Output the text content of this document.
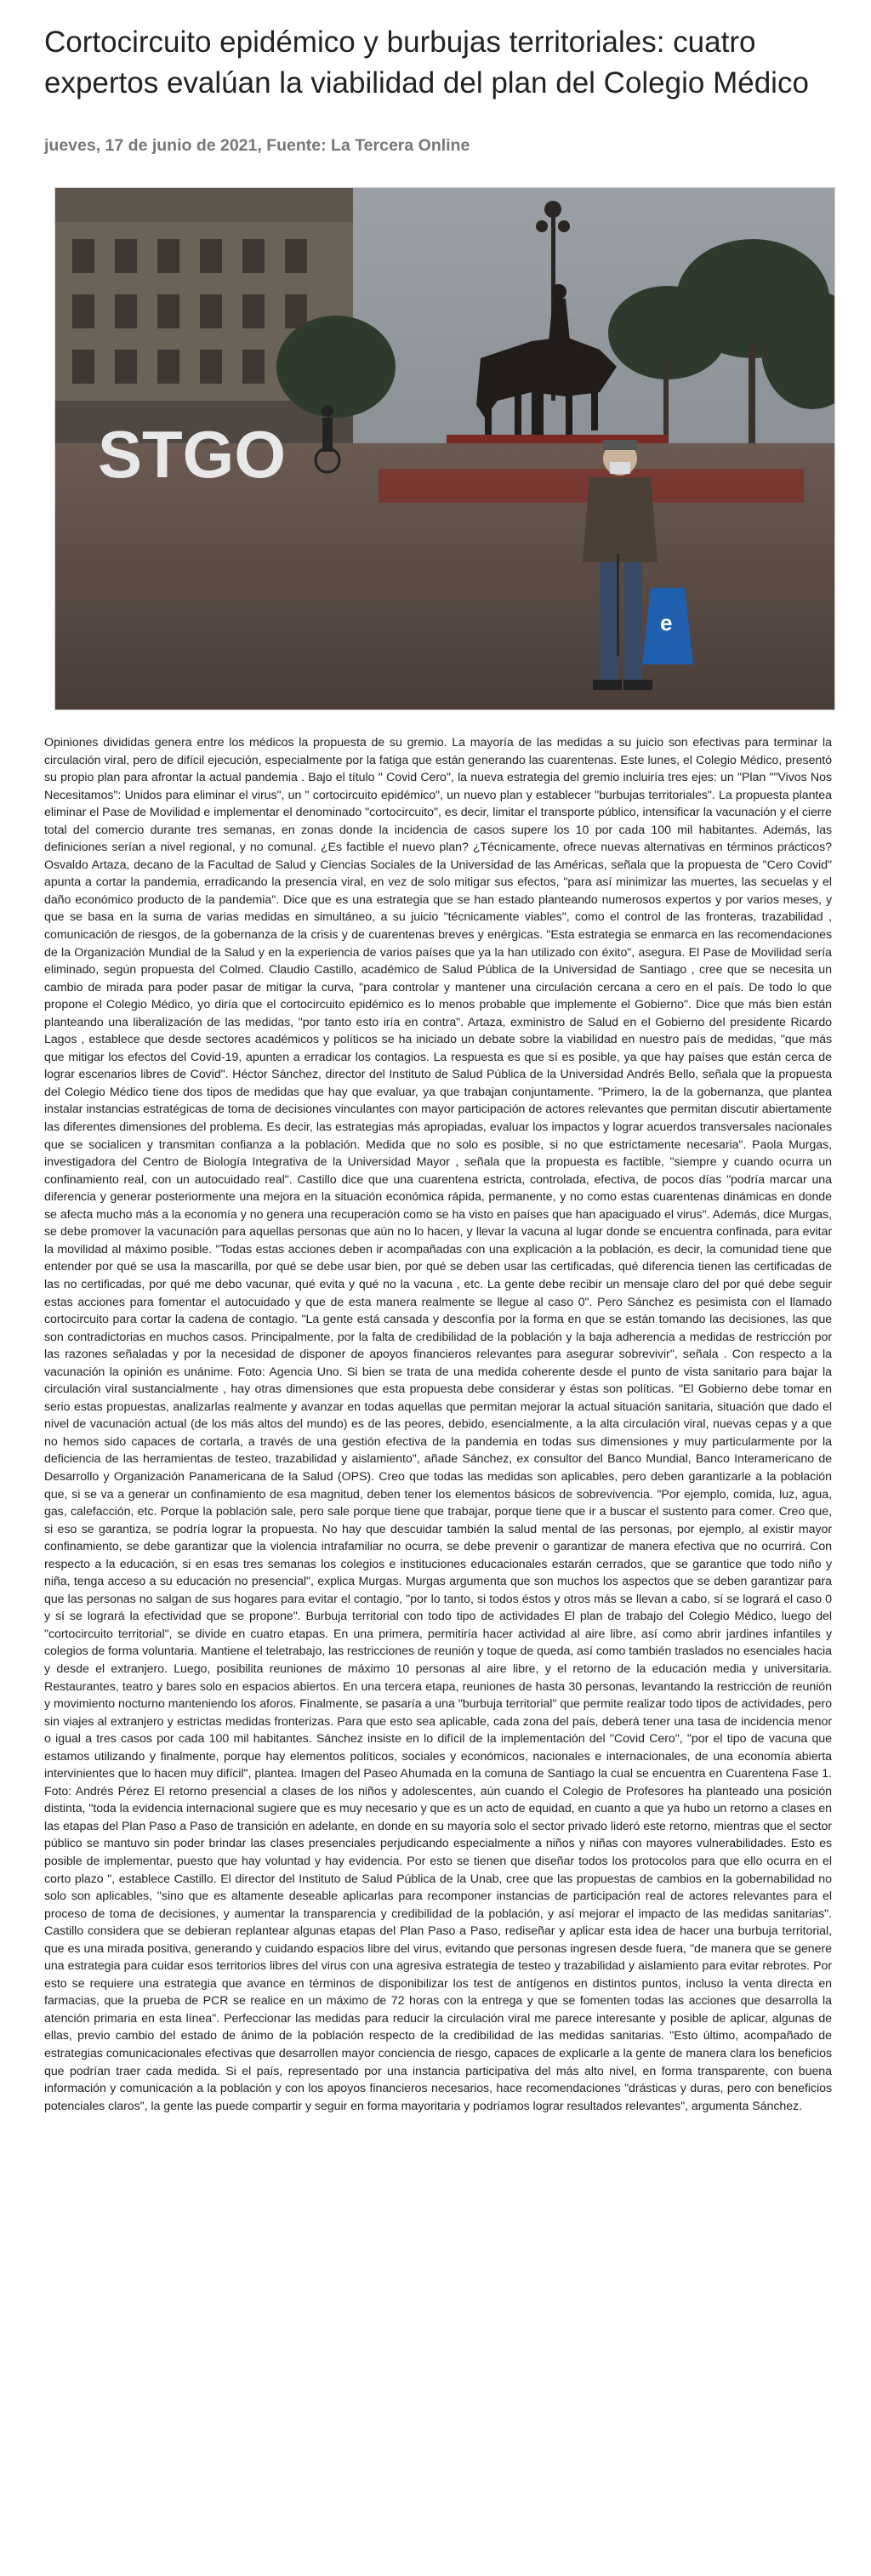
Cortocircuito epidémico y burbujas territoriales: cuatro expertos evalúan la viabilidad del plan del Colegio Médico
jueves, 17 de junio de 2021, Fuente: La Tercera Online
STGO
e

Opiniones divididas genera entre los médicos la propuesta de su gremio. La mayoría de las medidas a su juicio son efectivas para terminar la circulación viral, pero de difícil ejecución, especialmente por la fatiga que están generando las cuarentenas. Este lunes, el Colegio Médico, presentó su propio plan para afrontar la actual pandemia . Bajo el título " Covid Cero", la nueva estrategia del gremio incluiría tres ejes: un "Plan ""Vivos Nos Necesitamos": Unidos para eliminar el virus", un " cortocircuito epidémico", un nuevo plan y establecer "burbujas territoriales". La propuesta plantea eliminar el Pase de Movilidad e implementar el denominado "cortocircuito", es decir, limitar el transporte público, intensificar la vacunación y el cierre total del comercio durante tres semanas, en zonas donde la incidencia de casos supere los 10 por cada 100 mil habitantes. Además, las definiciones serían a nivel regional, y no comunal. ¿Es factible el nuevo plan? ¿Técnicamente, ofrece nuevas alternativas en términos prácticos? Osvaldo Artaza, decano de la Facultad de Salud y Ciencias Sociales de la Universidad de las Américas, señala que la propuesta de "Cero Covid" apunta a cortar la pandemia, erradicando la presencia viral, en vez de solo mitigar sus efectos, "para así minimizar las muertes, las secuelas y el daño económico producto de la pandemia". Dice que es una estrategia que se han estado planteando numerosos expertos y por varios meses, y que se basa en la suma de varias medidas en simultáneo, a su juicio "técnicamente viables", como el control de las fronteras, trazabilidad , comunicación de riesgos, de la gobernanza de la crisis y de cuarentenas breves y enérgicas. "Esta estrategia se enmarca en las recomendaciones de la Organización Mundial de la Salud y en la experiencia de varios países que ya la han utilizado con éxito", asegura. El Pase de Movilidad sería eliminado, según propuesta del Colmed. Claudio Castillo, académico de Salud Pública de la Universidad de Santiago , cree que se necesita un cambio de mirada para poder pasar de mitigar la curva, "para controlar y mantener una circulación cercana a cero en el país. De todo lo que propone el Colegio Médico, yo diría que el cortocircuito epidémico es lo menos probable que implemente el Gobierno". Dice que más bien están planteando una liberalización de las medidas, "por tanto esto iría en contra". Artaza, exministro de Salud en el Gobierno del presidente Ricardo Lagos , establece que desde sectores académicos y políticos se ha iniciado un debate sobre la viabilidad en nuestro país de medidas, "que más que mitigar los efectos del Covid-19, apunten a erradicar los contagios. La respuesta es que sí es posible, ya que hay países que están cerca de lograr escenarios libres de Covid". Héctor Sánchez, director del Instituto de Salud Pública de la Universidad Andrés Bello, señala que la propuesta del Colegio Médico tiene dos tipos de medidas que hay que evaluar, ya que trabajan conjuntamente. "Primero, la de la gobernanza, que plantea instalar instancias estratégicas de toma de decisiones vinculantes con mayor participación de actores relevantes que permitan discutir abiertamente las diferentes dimensiones del problema. Es decir, las estrategias más apropiadas, evaluar los impactos y lograr acuerdos transversales nacionales que se socialicen y transmitan confianza a la población. Medida que no solo es posible, si no que estrictamente necesaria". Paola Murgas, investigadora del Centro de Biología Integrativa de la Universidad Mayor , señala que la propuesta es factible, "siempre y cuando ocurra un confinamiento real, con un autocuidado real". Castillo dice que una cuarentena estricta, controlada, efectiva, de pocos días "podría marcar una diferencia y generar posteriormente una mejora en la situación económica rápida, permanente, y no como estas cuarentenas dinámicas en donde se afecta mucho más a la economía y no genera una recuperación como se ha visto en países que han apaciguado el virus". Además, dice Murgas, se debe promover la vacunación para aquellas personas que aún no lo hacen, y llevar la vacuna al lugar donde se encuentra confinada, para evitar la movilidad al máximo posible. "Todas estas acciones deben ir acompañadas con una explicación a la población, es decir, la comunidad tiene que entender por qué se usa la mascarilla, por qué se debe usar bien, por qué se deben usar las certificadas, qué diferencia tienen las certificadas de las no certificadas, por qué me debo vacunar, qué evita y qué no la vacuna , etc. La gente debe recibir un mensaje claro del por qué debe seguir estas acciones para fomentar el autocuidado y que de esta manera realmente se llegue al caso 0". Pero Sánchez es pesimista con el llamado cortocircuito para cortar la cadena de contagio. "La gente está cansada y desconfía por la forma en que se están tomando las decisiones, las que son contradictorias en muchos casos. Principalmente, por la falta de credibilidad de la población y la baja adherencia a medidas de restricción por las razones señaladas y por la necesidad de disponer de apoyos financieros relevantes para asegurar sobrevivir", señala . Con respecto a la vacunación la opinión es unánime. Foto: Agencia Uno. Si bien se trata de una medida coherente desde el punto de vista sanitario para bajar la circulación viral sustancialmente , hay otras dimensiones que esta propuesta debe considerar y éstas son políticas. "El Gobierno debe tomar en serio estas propuestas, analizarlas realmente y avanzar en todas aquellas que permitan mejorar la actual situación sanitaria, situación que dado el nivel de vacunación actual (de los más altos del mundo) es de las peores, debido, esencialmente, a la alta circulación viral, nuevas cepas y a que no hemos sido capaces de cortarla, a través de una gestión efectiva de la pandemia en todas sus dimensiones y muy particularmente por la deficiencia de las herramientas de testeo, trazabilidad y aislamiento", añade Sánchez, ex consultor del Banco Mundial, Banco Interamericano de Desarrollo y Organización Panamericana de la Salud (OPS). Creo que todas las medidas son aplicables, pero deben garantizarle a la población que, si se va a generar un confinamiento de esa magnitud, deben tener los elementos básicos de sobrevivencia. "Por ejemplo, comida, luz, agua, gas, calefacción, etc. Porque la población sale, pero sale porque tiene que trabajar, porque tiene que ir a buscar el sustento para comer. Creo que, si eso se garantiza, se podría lograr la propuesta. No hay que descuidar también la salud mental de las personas, por ejemplo, al existir mayor confinamiento, se debe garantizar que la violencia intrafamiliar no ocurra, se debe prevenir o garantizar de manera efectiva que no ocurrirá. Con respecto a la educación, si en esas tres semanas los colegios e instituciones educacionales estarán cerrados, que se garantice que todo niño y niña, tenga acceso a su educación no presencial", explica Murgas. Murgas argumenta que son muchos los aspectos que se deben garantizar para que las personas no salgan de sus hogares para evitar el contagio, "por lo tanto, si todos éstos y otros más se llevan a cabo, sí se logrará el caso 0 y sí se logrará la efectividad que se propone". Burbuja territorial con todo tipo de actividades El plan de trabajo del Colegio Médico, luego del "cortocircuito territorial", se divide en cuatro etapas. En una primera, permitiría hacer actividad al aire libre, así como abrir jardines infantiles y colegios de forma voluntaria. Mantiene el teletrabajo, las restricciones de reunión y toque de queda, así como también traslados no esenciales hacia y desde el extranjero. Luego, posibilita reuniones de máximo 10 personas al aire libre, y el retorno de la educación media y universitaria. Restaurantes, teatro y bares solo en espacios abiertos. En una tercera etapa, reuniones de hasta 30 personas, levantando la restricción de reunión y movimiento nocturno manteniendo los aforos. Finalmente, se pasaría a una "burbuja territorial" que permite realizar todo tipos de actividades, pero sin viajes al extranjero y estrictas medidas fronterizas. Para que esto sea aplicable, cada zona del país, deberá tener una tasa de incidencia menor o igual a tres casos por cada 100 mil habitantes. Sánchez insiste en lo difícil de la implementación del "Covid Cero", "por el tipo de vacuna que estamos utilizando y finalmente, porque hay elementos políticos, sociales y económicos, nacionales e internacionales, de una economía abierta intervinientes que lo hacen muy difícil", plantea. Imagen del Paseo Ahumada en la comuna de Santiago la cual se encuentra en Cuarentena Fase 1. Foto: Andrés Pérez El retorno presencial a clases de los niños y adolescentes, aún cuando el Colegio de Profesores ha planteado una posición distinta, "toda la evidencia internacional sugiere que es muy necesario y que es un acto de equidad, en cuanto a que ya hubo un retorno a clases en las etapas del Plan Paso a Paso de transición en adelante, en donde en su mayoría solo el sector privado lideró este retorno, mientras que el sector público se mantuvo sin poder brindar las clases presenciales perjudicando especialmente a niños y niñas con mayores vulnerabilidades. Esto es posible de implementar, puesto que hay voluntad y hay evidencia. Por esto se tienen que diseñar todos los protocolos para que ello ocurra en el corto plazo ", establece Castillo. El director del Instituto de Salud Pública de la Unab, cree que las propuestas de cambios en la gobernabilidad no solo son aplicables, "sino que es altamente deseable aplicarlas para recomponer instancias de participación real de actores relevantes para el proceso de toma de decisiones, y aumentar la transparencia y credibilidad de la población, y así mejorar el impacto de las medidas sanitarias". Castillo considera que se debieran replantear algunas etapas del Plan Paso a Paso, rediseñar y aplicar esta idea de hacer una burbuja territorial, que es una mirada positiva, generando y cuidando espacios libre del virus, evitando que personas ingresen desde fuera, "de manera que se genere una estrategia para cuidar esos territorios libres del virus con una agresiva estrategia de testeo y trazabilidad y aislamiento para evitar rebrotes. Por esto se requiere una estrategia que avance en términos de disponibilizar los test de antígenos en distintos puntos, incluso la venta directa en farmacias, que la prueba de PCR se realice en un máximo de 72 horas con la entrega y que se fomenten todas las acciones que desarrolla la atención primaria en esta línea". Perfeccionar las medidas para reducir la circulación viral me parece interesante y posible de aplicar, algunas de ellas, previo cambio del estado de ánimo de la población respecto de la credibilidad de las medidas sanitarias. "Esto último, acompañado de estrategias comunicacionales efectivas que desarrollen mayor conciencia de riesgo, capaces de explicarle a la gente de manera clara los beneficios que podrían traer cada medida. Si el país, representado por una instancia participativa del más alto nivel, en forma transparente, con buena información y comunicación a la población y con los apoyos financieros necesarios, hace recomendaciones "drásticas y duras, pero con beneficios potenciales claros", la gente las puede compartir y seguir en forma mayoritaria y podríamos lograr resultados relevantes", argumenta Sánchez.
